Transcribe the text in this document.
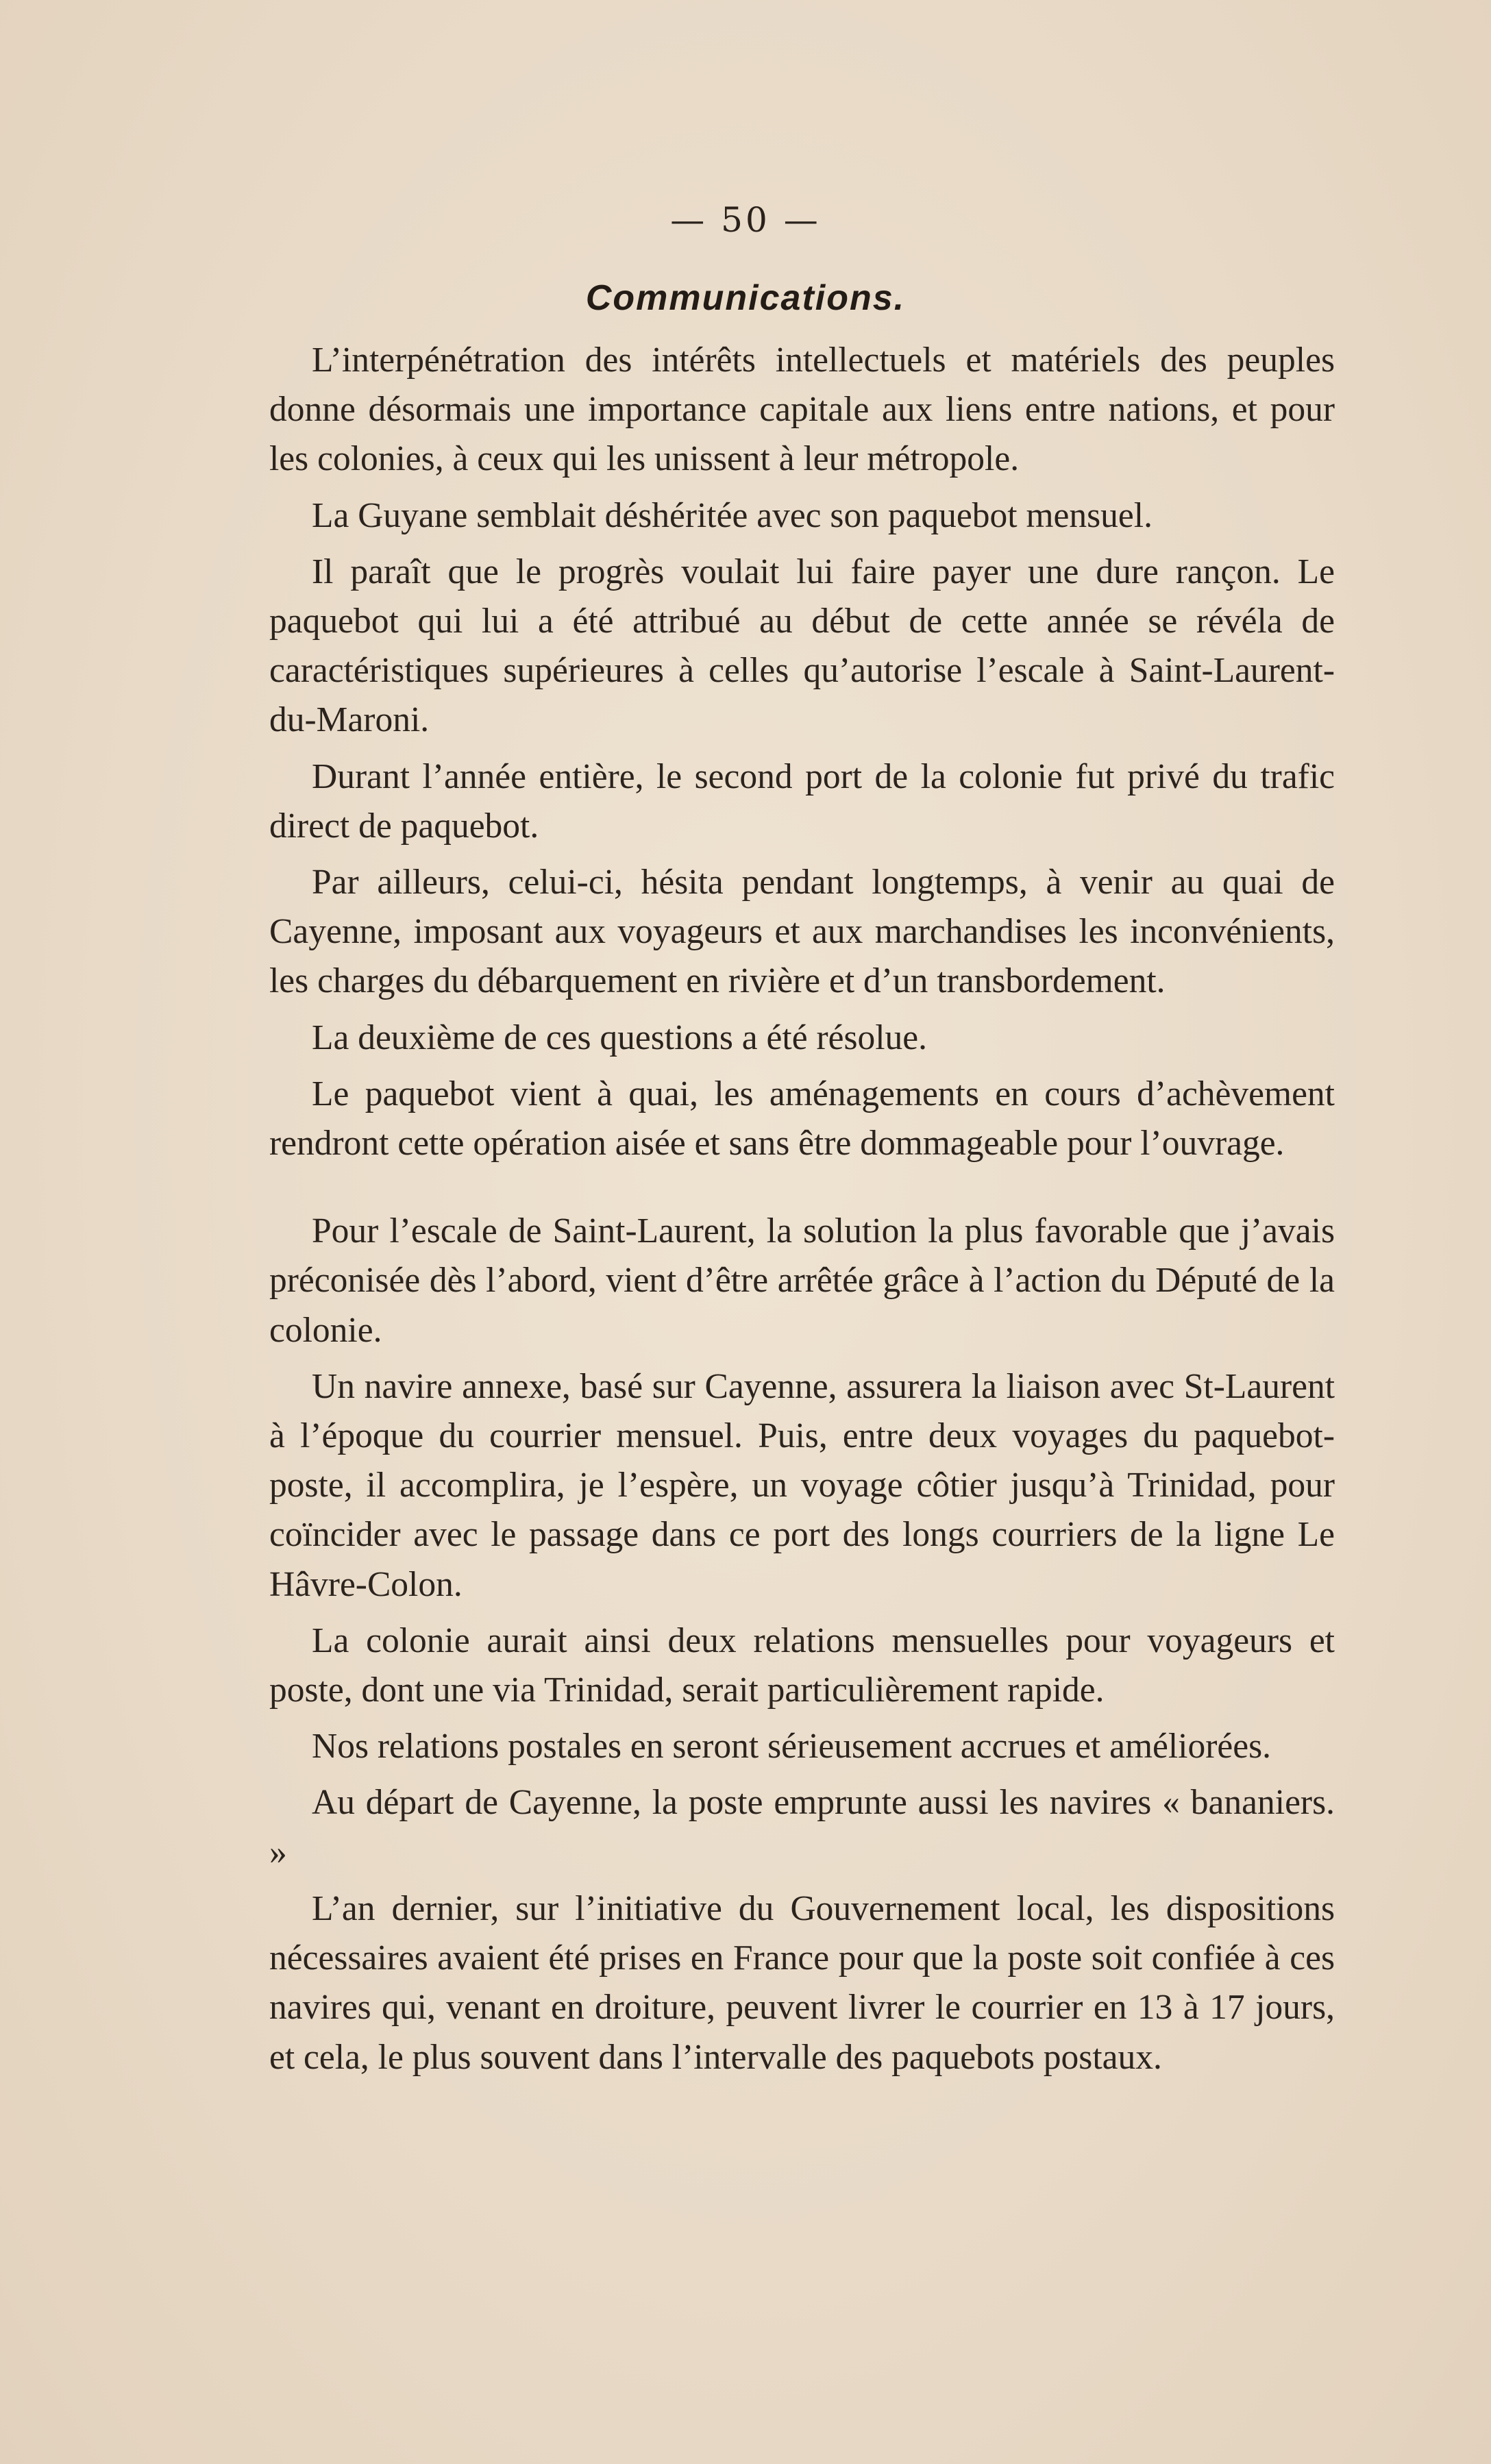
— 50 —
Communications.

L’interpénétration des intérêts intellectuels et matériels des peuples donne désormais une importance capitale aux liens entre nations, et pour les colonies, à ceux qui les unissent à leur métropole.

La Guyane semblait déshéritée avec son paquebot mensuel.

Il paraît que le progrès voulait lui faire payer une dure rançon. Le paquebot qui lui a été attribué au début de cette année se révéla de caractéristiques supérieures à celles qu’autorise l’escale à Saint-Laurent-du-Maroni.

Durant l’année entière, le second port de la colonie fut privé du trafic direct de paquebot.

Par ailleurs, celui-ci, hésita pendant longtemps, à venir au quai de Cayenne, imposant aux voyageurs et aux marchandises les inconvénients, les charges du débarquement en rivière et d’un transbordement.

La deuxième de ces questions a été résolue.

Le paquebot vient à quai, les aménagements en cours d’achèvement rendront cette opération aisée et sans être dommageable pour l’ouvrage.

Pour l’escale de Saint-Laurent, la solution la plus favorable que j’avais préconisée dès l’abord, vient d’être arrêtée grâce à l’action du Député de la colonie.

Un navire annexe, basé sur Cayenne, assurera la liaison avec St-Laurent à l’époque du courrier mensuel. Puis, entre deux voyages du paquebot-poste, il accomplira, je l’espère, un voyage côtier jusqu’à Trinidad, pour coïncider avec le passage dans ce port des longs courriers de la ligne Le Hâvre-Colon.

La colonie aurait ainsi deux relations mensuelles pour voyageurs et poste, dont une via Trinidad, serait particulièrement rapide.

Nos relations postales en seront sérieusement accrues et améliorées.

Au départ de Cayenne, la poste emprunte aussi les navires « bananiers. »

L’an dernier, sur l’initiative du Gouvernement local, les dispositions nécessaires avaient été prises en France pour que la poste soit confiée à ces navires qui, venant en droiture, peuvent livrer le courrier en 13 à 17 jours, et cela, le plus souvent dans l’intervalle des paquebots postaux.
